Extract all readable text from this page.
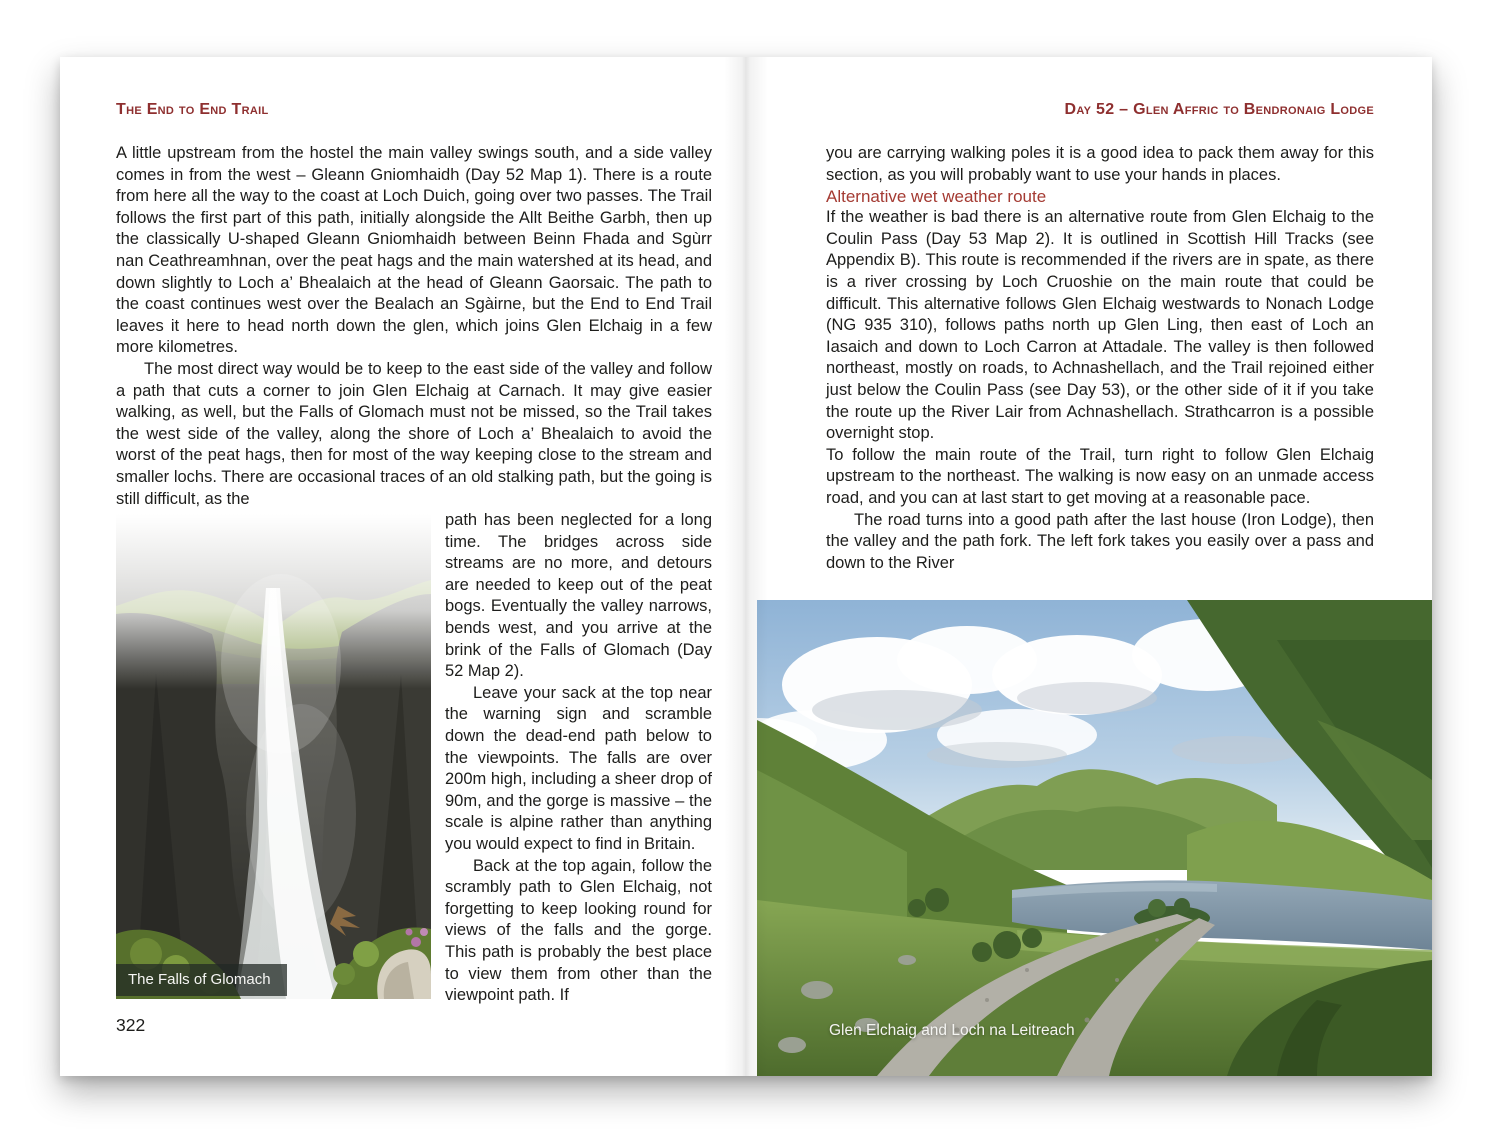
The End to End Trail

A little upstream from the hostel the main valley swings south, and a side valley comes in from the west – Gleann Gniomhaidh (Day 52 Map 1). There is a route from here all the way to the coast at Loch Duich, going over two passes. The Trail follows the first part of this path, initially alongside the Allt Beithe Garbh, then up the classically U-shaped Gleann Gniomhaidh between Beinn Fhada and Sgùrr nan Ceathreamhnan, over the peat hags and the main watershed at its head, and down slightly to Loch a’ Bhealaich at the head of Gleann Gaorsaic. The path to the coast continues west over the Bealach an Sgàirne, but the End to End Trail leaves it here to head north down the glen, which joins Glen Elchaig in a few more kilometres.

The most direct way would be to keep to the east side of the valley and follow a path that cuts a corner to join Glen Elchaig at Carnach. It may give easier walking, as well, but the Falls of Glomach must not be missed, so the Trail takes the west side of the valley, along the shore of Loch a’ Bhealaich to avoid the worst of the peat hags, then for most of the way keeping close to the stream and smaller lochs. There are occasional traces of an old stalking path, but the going is still difficult, as the

The Falls of Glomach

path has been neglected for a long time. The bridges across side streams are no more, and detours are needed to keep out of the peat bogs. Eventually the valley narrows, bends west, and you arrive at the brink of the Falls of Glomach (Day 52 Map 2).

Leave your sack at the top near the warning sign and scramble down the dead-end path below to the viewpoints. The falls are over 200m high, including a sheer drop of 90m, and the gorge is massive – the scale is alpine rather than anything you would expect to find in Britain.

Back at the top again, follow the scrambly path to Glen Elchaig, not forgetting to keep looking round for views of the falls and the gorge. This path is probably the best place to view them from other than the viewpoint path. If

322
Day 52 – Glen Affric to Bendronaig Lodge

you are carrying walking poles it is a good idea to pack them away for this section, as you will probably want to use your hands in places.

Alternative wet weather route

If the weather is bad there is an alternative route from Glen Elchaig to the Coulin Pass (Day 53 Map 2). It is outlined in Scottish Hill Tracks (see Appendix B). This route is recommended if the rivers are in spate, as there is a river crossing by Loch Cruoshie on the main route that could be difficult. This alternative follows Glen Elchaig westwards to Nonach Lodge (NG 935 310), follows paths north up Glen Ling, then east of Loch an Iasaich and down to Loch Carron at Attadale. The valley is then followed northeast, mostly on roads, to Achnashellach, and the Trail rejoined either just below the Coulin Pass (see Day 53), or the other side of it if you take the route up the River Lair from Achnashellach. Strathcarron is a possible overnight stop.

To follow the main route of the Trail, turn right to follow Glen Elchaig upstream to the northeast. The walking is now easy on an unmade access road, and you can at last start to get moving at a reasonable pace.

The road turns into a good path after the last house (Iron Lodge), then the valley and the path fork. The left fork takes you easily over a pass and down to the River

Glen Elchaig and Loch na Leitreach
